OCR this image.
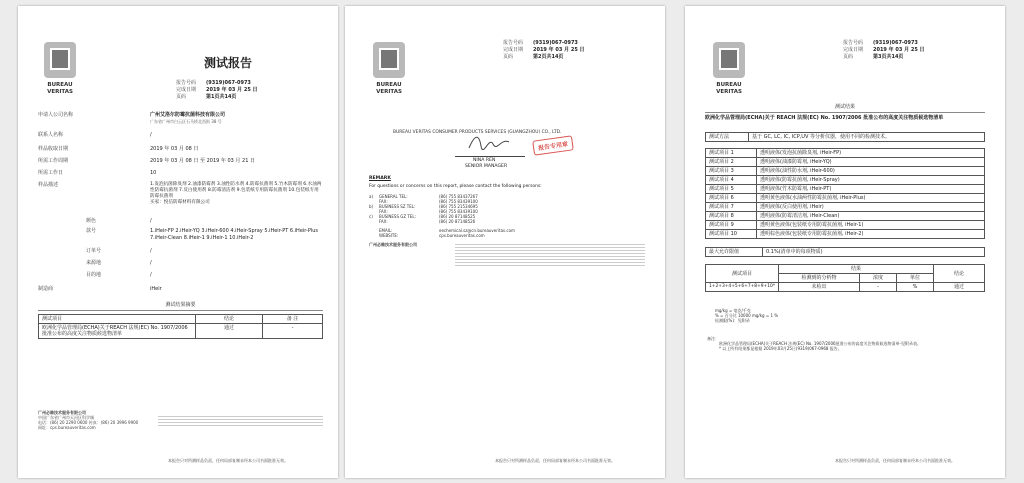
BUREAU
VERITAS
测试报告
报告号码	(9319)067-0973
完成日期	2019 年 03 月 25 日
页码	第1页共14页
申请人公司名称	广州艾洛尔防霉抗菌科技有限公司
广东省广州市白云区石马桥北西街 38 号
联系人名称	/
样品收取日期	2019 年 03 月 08 日
所需工作周期	2019 年 03 月 08 日 至 2019 年 03 月 21 日
所需工作日	10
样品描述	1.发泡抗菌除臭剂 2.油漆防霉剂 3.油性防水剂 4.防霉抗菌剂 5.竹木防霉剂 6.水油两性防霉抗菌剂 7.反白使用剂 8.防霉清洁剂 9.包装纸专用防霉抗菌剂 10.包装纸专用防霉抗菌剂
买家：悦信防霉材料有限公司
颜色	/
款号	1.iHeir-FP 2.iHeir-YQ 3.iHeir-600 4.iHeir-Spray 5.iHeir-PT 6.iHeir-Plus 7.iHeir-Clean 8.iHeir-1 9.iHeir-1 10.iHeir-2
订单号	/
来源地	/
目的地	/
制造商	iHeir
测试结果摘要
测试项目	结论	备 注
欧洲化学品管理局(ECHA)关于REACH 法规(EC) No. 1907/2006批准公布的高度关注物质候选物清单	通过	-
广州必维技术服务有限公司
中国广东省广州市天河区科学城
电话：(86) 20 2290 0600 传真：(86) 20 3996 9900
网址：cps.bureauveritas.com
本报告只对所测样品负责，任何局部复制未经本公司书面批准无效。
BUREAU
VERITAS
报告号码	(9319)067-0973
完成日期	2019 年 03 月 25 日
页码	第2页共14页
BUREAU VERITAS CONSUMER PRODUCTS SERVICES (GUANGZHOU) CO., LTD.
报告专用章
NINA REN
SENIOR MANAGER
REMARK
For questions or concerns on this report, please contact the following persons:
a)	GENERAL TEL:	(86) 755 83437267
FAX:	(86) 755 83439100
b)	BUSINESS SZ TEL:	(86) 755 21534695
FAX:	(86) 755 83439100
c)	BUSINESS GZ TEL:	(86) 20 87148525
FAX:	(86) 20 87148526
EMAIL:	eechemical.sz@cn.bureauveritas.com
WEBSITE:	cps.bureauveritas.com
广州必维技术服务有限公司
本报告只对所测样品负责，任何局部复制未经本公司书面批准无效。
BUREAU
VERITAS
报告号码	(9319)067-0973
完成日期	2019 年 03 月 25 日
页码	第3页共14页
测试结果
欧洲化学品管理局(ECHA)关于 REACH 法规(EC) No. 1907/2006 批准公布的高度关注物质候选物清单
测试方法	基于 GC, LC, IC, ICP,UV 等分析仪器，使用不同的检测技术。
测试项目 1	透明液体(发泡抗菌除臭剂, iHeir-FP)
测试项目 2	透明液体(油漆防霉剂, iHeir-YQ)
测试项目 3	透明液体(油性防水剂, iHeir-600)
测试项目 4	透明液体(防霉抗菌剂, iHeir-Spray)
测试项目 5	透明液体(竹木防霉剂, iHeir-PT)
测试项目 6	透明黄色液体(水油两性防霉抗菌剂, iHeir-Plus)
测试项目 7	透明液体(反白使用剂, iHeir)
测试项目 8	透明液体(防霉清洁剂, iHeir-Clean)
测试项目 9	透明黄色液体(包装纸专用防霉抗菌剂, iHeir-1)
测试项目 10	透明棕色液体(包装纸专用防霉抗菌剂, iHeir-2)
最大允许限值	0.1%(清单中的每项物质)
测试项目	结果			结论
	检测到的分析物	浓度	单位	
1+2+3+4+5+6+7+8+9+10*	未检出	-	%	通过
mg/kg = 毫克/千克
% = 百分比 10000 mg/kg = 1 %
检测限(%)：见附录
备注：
欧洲化学品管理局(ECHA)关于REACH 法规(EC) No. 1907/2006批准公布的高度关注物质候选物清单-见附录表。
* 以上所有结果都是根据 2019年03月25日(9319)067-0968 报告。
本报告只对所测样品负责，任何局部复制未经本公司书面批准无效。
